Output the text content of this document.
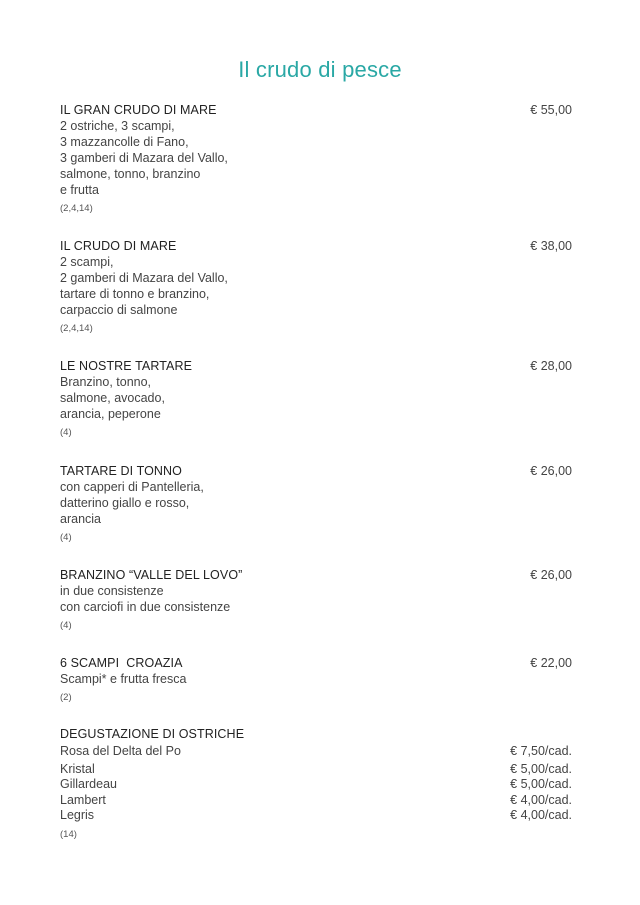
Il crudo di pesce
IL GRAN CRUDO DI MARE
2 ostriche, 3 scampi,
3 mazzancolle di Fano,
3 gamberi di Mazara del Vallo,
salmone, tonno, branzino
e frutta
(2,4,14)
€ 55,00
IL CRUDO DI MARE
2 scampi,
2 gamberi di Mazara del Vallo,
tartare di tonno e branzino,
carpaccio di salmone
(2,4,14)
€ 38,00
LE NOSTRE TARTARE
Branzino, tonno,
salmone, avocado,
arancia, peperone
(4)
€ 28,00
TARTARE DI TONNO
con capperi di Pantelleria,
datterino giallo e rosso,
arancia
(4)
€ 26,00
BRANZINO “VALLE DEL LOVO”
in due consistenze
con carciofi in due consistenze
(4)
€ 26,00
6 SCAMPI  CROAZIA
Scampi* e frutta fresca
(2)
€ 22,00
DEGUSTAZIONE DI OSTRICHE
Rosa del Delta del Po	€ 7,50/cad.
Kristal	€ 5,00/cad.
Gillardeau	€ 5,00/cad.
Lambert	€ 4,00/cad.
Legris	€ 4,00/cad.
(14)
